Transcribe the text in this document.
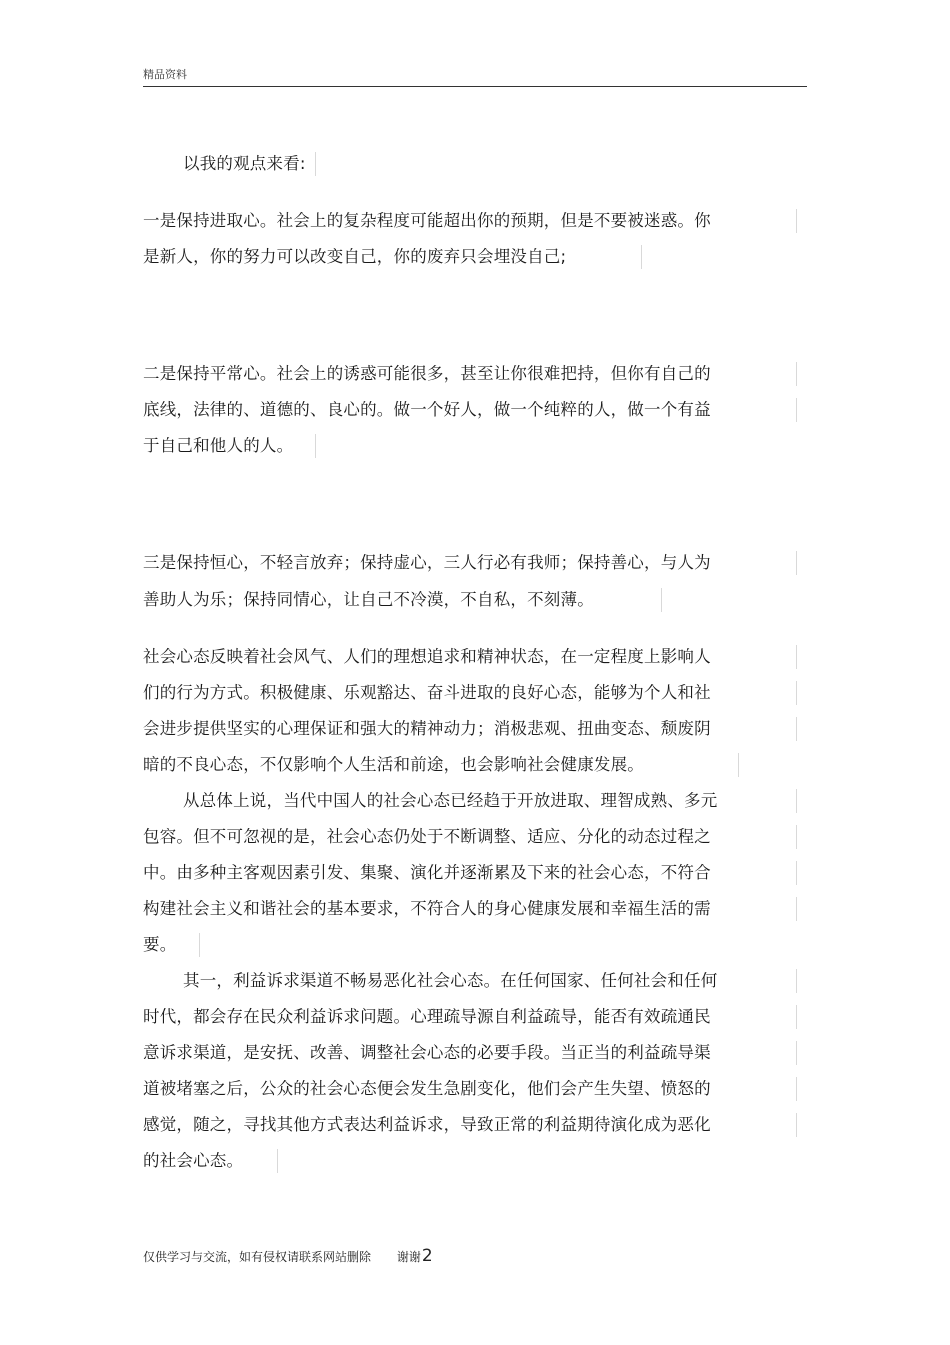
精品资料
以我的观点来看:
一是保持进取心。社会上的复杂程度可能超出你的预期，但是不要被迷惑。你
是新人，你的努力可以改变自己，你的废弃只会埋没自己;
二是保持平常心。社会上的诱惑可能很多，甚至让你很难把持，但你有自己的
底线，法律的、道德的、良心的。做一个好人，做一个纯粹的人，做一个有益
于自己和他人的人。
三是保持恒心，不轻言放弃；保持虚心，三人行必有我师；保持善心，与人为
善助人为乐；保持同情心，让自己不冷漠，不自私，不刻薄。
社会心态反映着社会风气、人们的理想追求和精神状态，在一定程度上影响人
们的行为方式。积极健康、乐观豁达、奋斗进取的良好心态，能够为个人和社
会进步提供坚实的心理保证和强大的精神动力；消极悲观、扭曲变态、颓废阴
暗的不良心态，不仅影响个人生活和前途，也会影响社会健康发展。
从总体上说，当代中国人的社会心态已经趋于开放进取、理智成熟、多元
包容。但不可忽视的是，社会心态仍处于不断调整、适应、分化的动态过程之
中。由多种主客观因素引发、集聚、演化并逐渐累及下来的社会心态，不符合
构建社会主义和谐社会的基本要求，不符合人的身心健康发展和幸福生活的需
要。
其一，利益诉求渠道不畅易恶化社会心态。在任何国家、任何社会和任何
时代，都会存在民众利益诉求问题。心理疏导源自利益疏导，能否有效疏通民
意诉求渠道，是安抚、改善、调整社会心态的必要手段。当正当的利益疏导渠
道被堵塞之后，公众的社会心态便会发生急剧变化，他们会产生失望、愤怒的
感觉，随之，寻找其他方式表达利益诉求，导致正常的利益期待演化成为恶化
的社会心态。
仅供学习与交流，如有侵权请联系网站删除 谢谢2
